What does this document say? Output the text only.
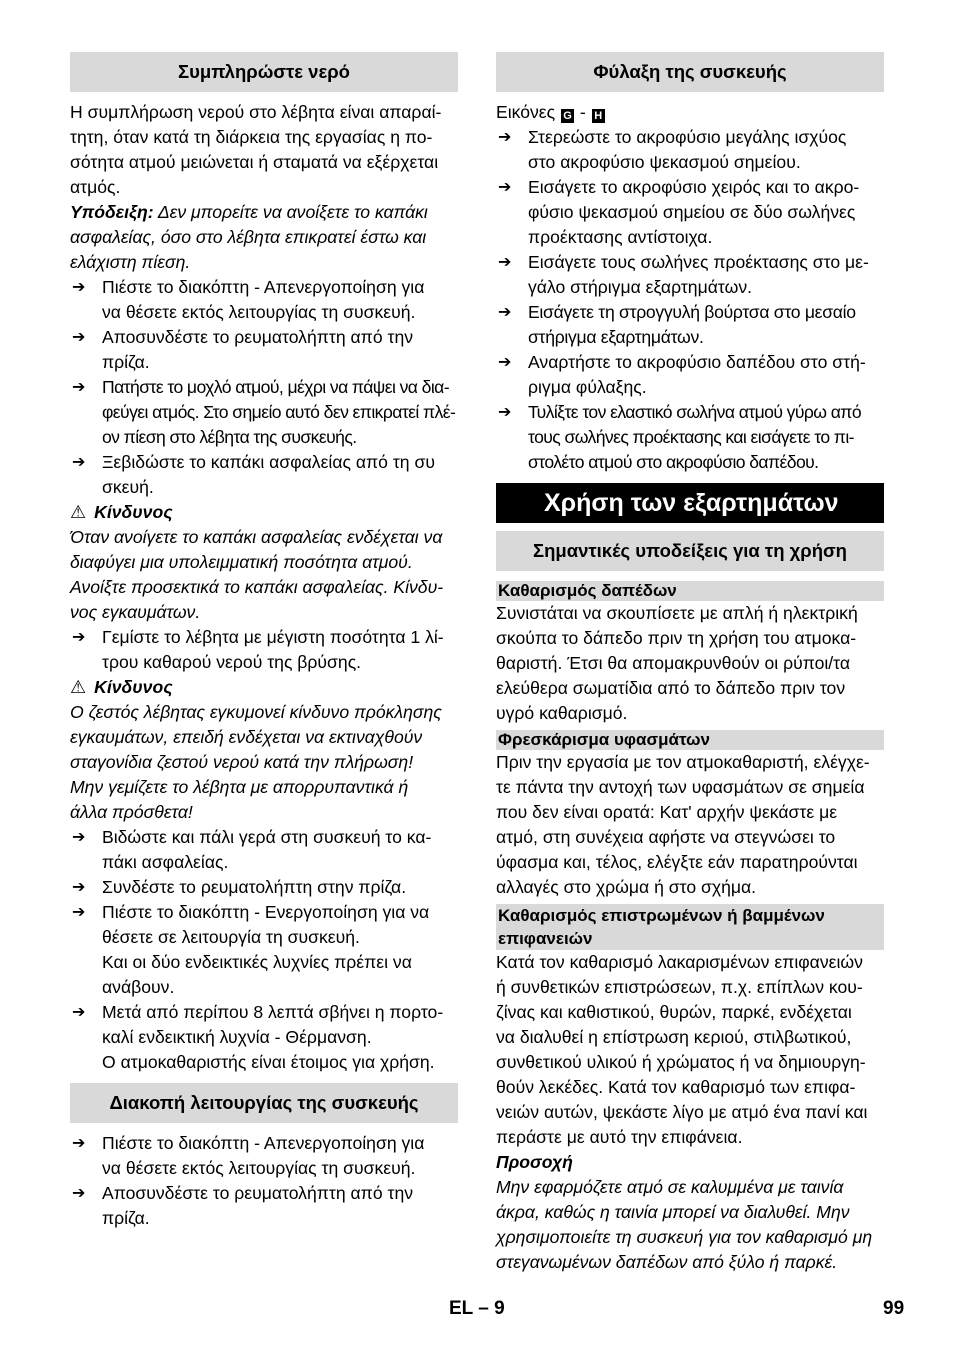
Συμπληρώστε νερό

Η συμπλήρωση νερού στο λέβητα είναι απαραί-

τητη, όταν κατά τη διάρκεια της εργασίας η πο-

σότητα ατμού μειώνεται ή σταματά να εξέρχεται

ατμός.

Υπόδειξη: Δεν μπορείτε να ανοίξετε το καπάκι

ασφαλείας, όσο στο λέβητα επικρατεί έστω και

ελάχιστη πίεση.

➔ Πιέστε το διακόπτη - Απενεργοποίηση για

να θέσετε εκτός λειτουργίας τη συσκευή.

➔ Αποσυνδέστε το ρευματολήπτη από την

πρίζα.

➔ Πατήστε το μοχλό ατμού, μέχρι να πάψει να δια-

φεύγει ατμός. Στο σημείο αυτό δεν επικρατεί πλέ-

ον πίεση στο λέβητα της συσκευής.

➔ Ξεβιδώστε το καπάκι ασφαλείας από τη συ

σκευή.

⚠ Κίνδυνος

Όταν ανοίγετε το καπάκι ασφαλείας ενδέχεται να

διαφύγει μια υπολειμματική ποσότητα ατμού.

Ανοίξτε προσεκτικά το καπάκι ασφαλείας. Κίνδυ-

νος εγκαυμάτων.

➔ Γεμίστε το λέβητα με μέγιστη ποσότητα 1 λί-

τρου καθαρού νερού της βρύσης.

⚠ Κίνδυνος

Ο ζεστός λέβητας εγκυμονεί κίνδυνο πρόκλησης

εγκαυμάτων, επειδή ενδέχεται να εκτιναχθούν

σταγονίδια ζεστού νερού κατά την πλήρωση!

Μην γεμίζετε το λέβητα με απορρυπαντικά ή

άλλα πρόσθετα!

➔ Βιδώστε και πάλι γερά στη συσκευή το κα-

πάκι ασφαλείας.

➔ Συνδέστε το ρευματολήπτη στην πρίζα.

➔ Πιέστε το διακόπτη - Ενεργοποίηση για να

θέσετε σε λειτουργία τη συσκευή.

Και οι δύο ενδεικτικές λυχνίες πρέπει να

ανάβουν.

➔ Μετά από περίπου 8 λεπτά σβήνει η πορτο-

καλί ενδεικτική λυχνία - Θέρμανση.

Ο ατμοκαθαριστής είναι έτοιμος για χρήση.

Διακοπή λειτουργίας της συσκευής
➔ Πιέστε το διακόπτη - Απενεργοποίηση για

να θέσετε εκτός λειτουργίας τη συσκευή.

➔ Αποσυνδέστε το ρευματολήπτη από την

πρίζα.

Φύλαξη της συσκευής

Εικόνες G - H

➔ Στερεώστε το ακροφύσιο μεγάλης ισχύος

στο ακροφύσιο ψεκασμού σημείου.

➔ Εισάγετε το ακροφύσιο χειρός και το ακρο-

φύσιο ψεκασμού σημείου σε δύο σωλήνες

προέκτασης αντίστοιχα.

➔ Εισάγετε τους σωλήνες προέκτασης στο με-

γάλο στήριγμα εξαρτημάτων.

➔ Εισάγετε τη στρογγυλή βούρτσα στο μεσαίο

στήριγμα εξαρτημάτων.

➔ Αναρτήστε το ακροφύσιο δαπέδου στο στή-

ριγμα φύλαξης.

➔ Τυλίξτε τον ελαστικό σωλήνα ατμού γύρω από

τους σωλήνες προέκτασης και εισάγετε το πι-

στολέτο ατμού στο ακροφύσιο δαπέδου.

Χρήση των εξαρτημάτων
Σημαντικές υποδείξεις για τη χρήση
Καθαρισμός δαπέδων

Συνιστάται να σκουπίσετε με απλή ή ηλεκτρική

σκούπα το δάπεδο πριν τη χρήση του ατμοκα-

θαριστή. Έτσι θα απομακρυνθούν οι ρύποι/τα

ελεύθερα σωματίδια από το δάπεδο πριν τον

υγρό καθαρισμό.

Φρεσκάρισμα υφασμάτων

Πριν την εργασία με τον ατμοκαθαριστή, ελέγχε-

τε πάντα την αντοχή των υφασμάτων σε σημεία

που δεν είναι ορατά: Κατ' αρχήν ψεκάστε με

ατμό, στη συνέχεια αφήστε να στεγνώσει το

ύφασμα και, τέλος, ελέγξτε εάν παρατηρούνται

αλλαγές στο χρώμα ή στο σχήμα.

Καθαρισμός επιστρωμένων ή βαμμένων

επιφανειών

Κατά τον καθαρισμό λακαρισμένων επιφανειών

ή συνθετικών επιστρώσεων, π.χ. επίπλων κου-

ζίνας και καθιστικού, θυρών, παρκέ, ενδέχεται

να διαλυθεί η επίστρωση κεριού, στιλβωτικού,

συνθετικού υλικού ή χρώματος ή να δημιουργη-

θούν λεκέδες. Κατά τον καθαρισμό των επιφα-

νειών αυτών, ψεκάστε λίγο με ατμό ένα πανί και

περάστε με αυτό την επιφάνεια.

Προσοχή

Μην εφαρμόζετε ατμό σε καλυμμένα με ταινία

άκρα, καθώς η ταινία μπορεί να διαλυθεί. Μην

χρησιμοποιείτε τη συσκευή για τον καθαρισμό μη

στεγανωμένων δαπέδων από ξύλο ή παρκέ.

EL – 9	99
